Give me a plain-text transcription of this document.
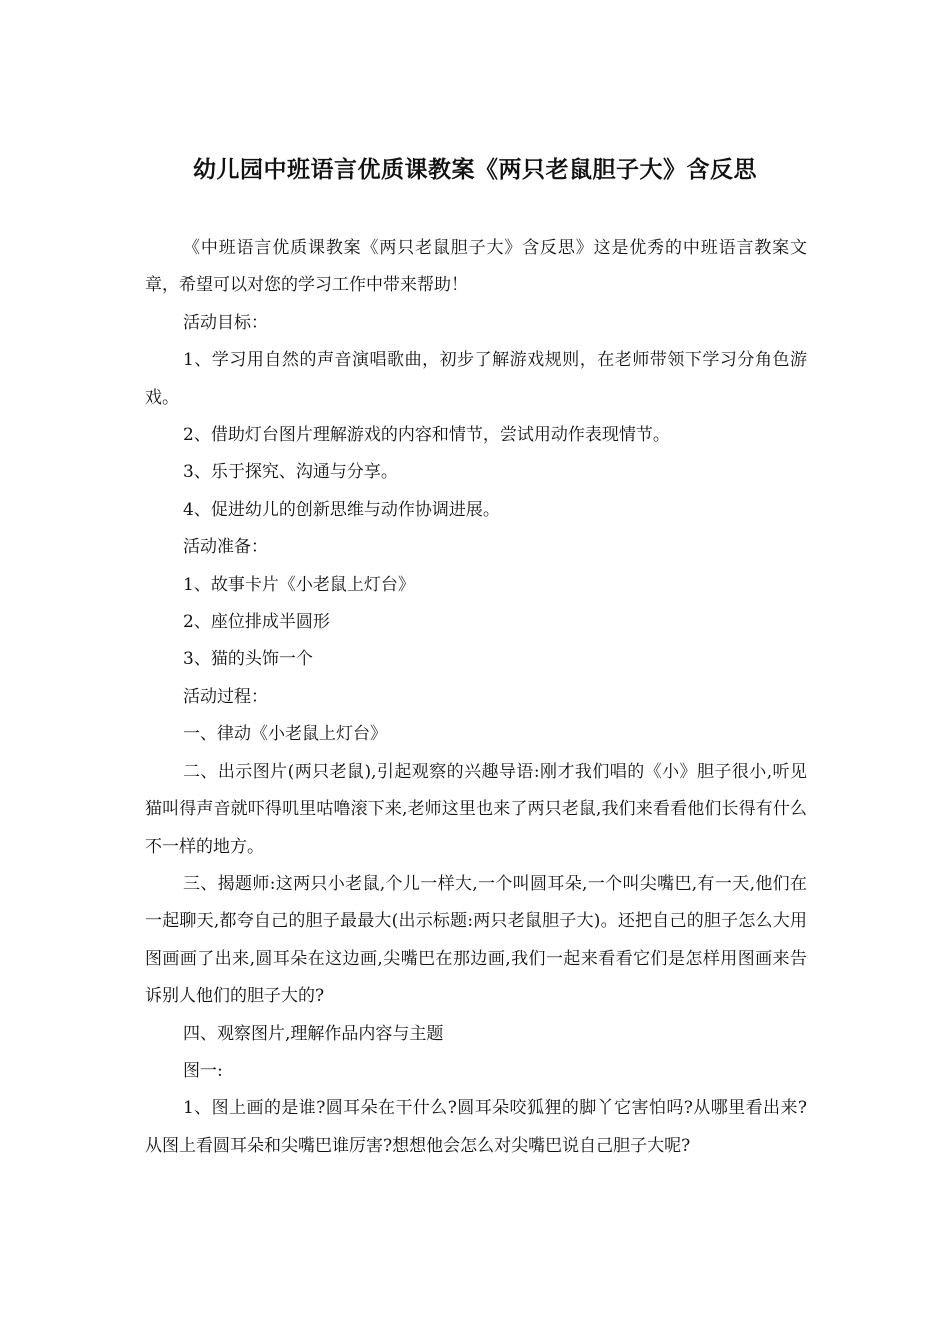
幼儿园中班语言优质课教案《两只老鼠胆子大》含反思

《中班语言优质课教案《两只老鼠胆子大》含反思》这是优秀的中班语言教案文章，希望可以对您的学习工作中带来帮助！

活动目标：

1、学习用自然的声音演唱歌曲，初步了解游戏规则，在老师带领下学习分角色游戏。

2、借助灯台图片理解游戏的内容和情节，尝试用动作表现情节。

3、乐于探究、沟通与分享。

4、促进幼儿的创新思维与动作协调进展。

活动准备：

1、故事卡片《小老鼠上灯台》

2、座位排成半圆形

3、猫的头饰一个

活动过程：

一、律动《小老鼠上灯台》

二、出示图片(两只老鼠),引起观察的兴趣导语:刚才我们唱的《小》胆子很小,听见猫叫得声音就吓得叽里咕噜滚下来,老师这里也来了两只老鼠,我们来看看他们长得有什么不一样的地方。

三、揭题师:这两只小老鼠,个儿一样大,一个叫圆耳朵,一个叫尖嘴巴,有一天,他们在一起聊天,都夸自己的胆子最最大(出示标题:两只老鼠胆子大)。还把自己的胆子怎么大用图画画了出来,圆耳朵在这边画,尖嘴巴在那边画,我们一起来看看它们是怎样用图画来告诉别人他们的胆子大的?

四、观察图片,理解作品内容与主题

图一:

1、图上画的是谁?圆耳朵在干什么?圆耳朵咬狐狸的脚丫它害怕吗?从哪里看出来?从图上看圆耳朵和尖嘴巴谁厉害?想想他会怎么对尖嘴巴说自己胆子大呢?
